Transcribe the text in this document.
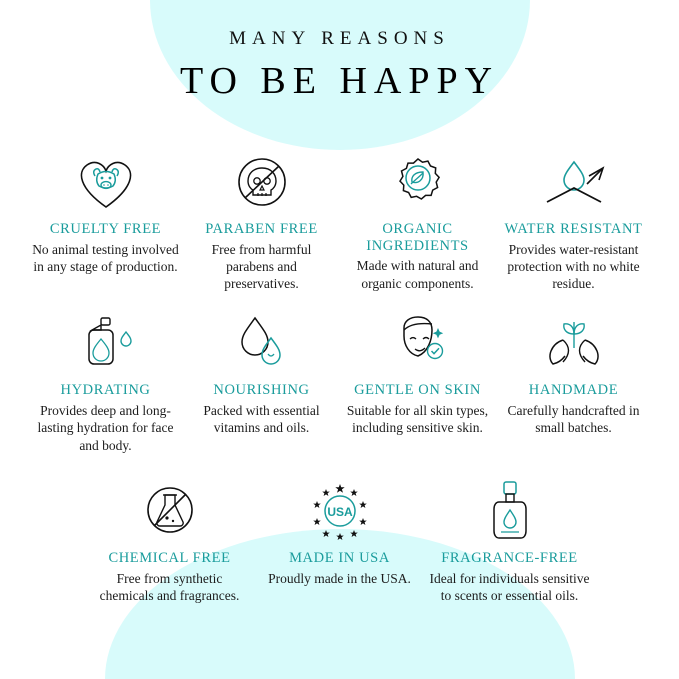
MANY REASONS
TO BE HAPPY
CRUELTY FREE
No animal testing involved in any stage of production.
PARABEN FREE
Free from harmful parabens and preservatives.
ORGANIC INGREDIENTS
Made with natural and organic components.
WATER RESISTANT
Provides water-resistant protection with no white residue.
HYDRATING
Provides deep and long-lasting hydration for face and body.
NOURISHING
Packed with essential vitamins and oils.
GENTLE ON SKIN
Suitable for all skin types, including sensitive skin.
HANDMADE
Carefully handcrafted in small batches.
CHEMICAL FREE
Free from synthetic chemicals and fragrances.
USA
MADE IN USA
Proudly made in the USA.
FRAGRANCE-FREE
Ideal for individuals sensitive to scents or essential oils.
